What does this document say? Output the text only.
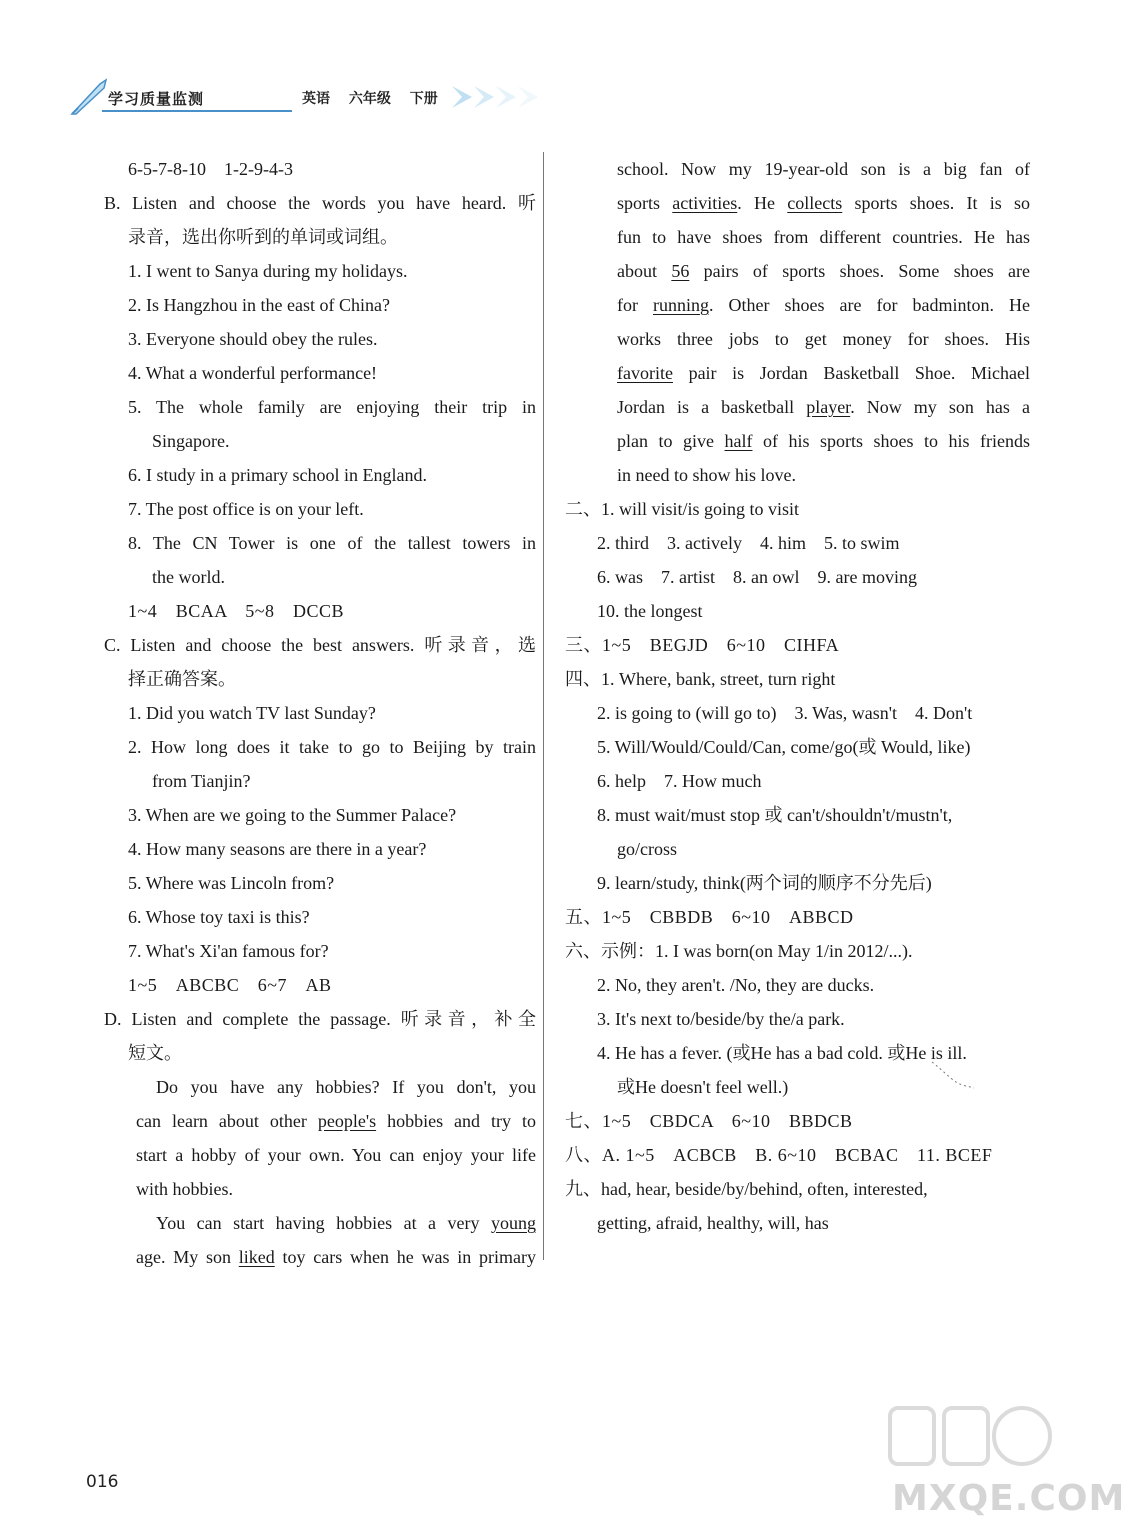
学习质量监测	英语 六年级 下册
6-5-7-8-10　1-2-9-4-3
B. Listen and choose the words you have heard. 听
录音，选出你听到的单词或词组。
1. I went to Sanya during my holidays.
2. Is Hangzhou in the east of China?
3. Everyone should obey the rules.
4. What a wonderful performance!
5. The whole family are enjoying their trip in
Singapore.
6. I study in a primary school in England.
7. The post office is on your left.
8. The CN Tower is one of the tallest towers in
the world.
1~4　BCAA　5~8　DCCB
C. Listen and choose the best answers. 听录音，选
择正确答案。
1. Did you watch TV last Sunday?
2. How long does it take to go to Beijing by train
from Tianjin?
3. When are we going to the Summer Palace?
4. How many seasons are there in a year?
5. Where was Lincoln from?
6. Whose toy taxi is this?
7. What's Xi'an famous for?
1~5　ABCBC　6~7　AB
D. Listen and complete the passage. 听录音，补全
短文。
Do you have any hobbies? If you don't, you
can learn about other people's hobbies and try to
start a hobby of your own. You can enjoy your life
with hobbies.
You can start having hobbies at a very young
age. My son liked toy cars when he was in primary
school. Now my 19-year-old son is a big fan of
sports activities. He collects sports shoes. It is so
fun to have shoes from different countries. He has
about 56 pairs of sports shoes. Some shoes are
for running. Other shoes are for badminton. He
works three jobs to get money for shoes. His
favorite pair is Jordan Basketball Shoe. Michael
Jordan is a basketball player. Now my son has a
plan to give half of his sports shoes to his friends
in need to show his love.
二、1. will visit/is going to visit
2. third　3. actively　4. him　5. to swim
6. was　7. artist　8. an owl　9. are moving
10. the longest
三、1~5　BEGJD　6~10　CIHFA
四、1. Where, bank, street, turn right
2. is going to (will go to)　3. Was, wasn't　4. Don't
5. Will/Would/Could/Can, come/go(或 Would, like)
6. help　7. How much
8. must wait/must stop 或 can't/shouldn't/mustn't,
go/cross
9. learn/study, think(两个词的顺序不分先后)
五、1~5　CBBDB　6~10　ABBCD
六、示例：1. I was born(on May 1/in 2012/...).
2. No, they aren't. /No, they are ducks.
3. It's next to/beside/by the/a park.
4. He has a fever. (或He has a bad cold. 或He is ill.
或He doesn't feel well.)
七、1~5　CBDCA　6~10　BBDCB
八、A. 1~5　ACBCB　B. 6~10　BCBAC　11. BCEF
九、had, hear, beside/by/behind, often, interested,
getting, afraid, healthy, will, has
016	MXQE.COM
